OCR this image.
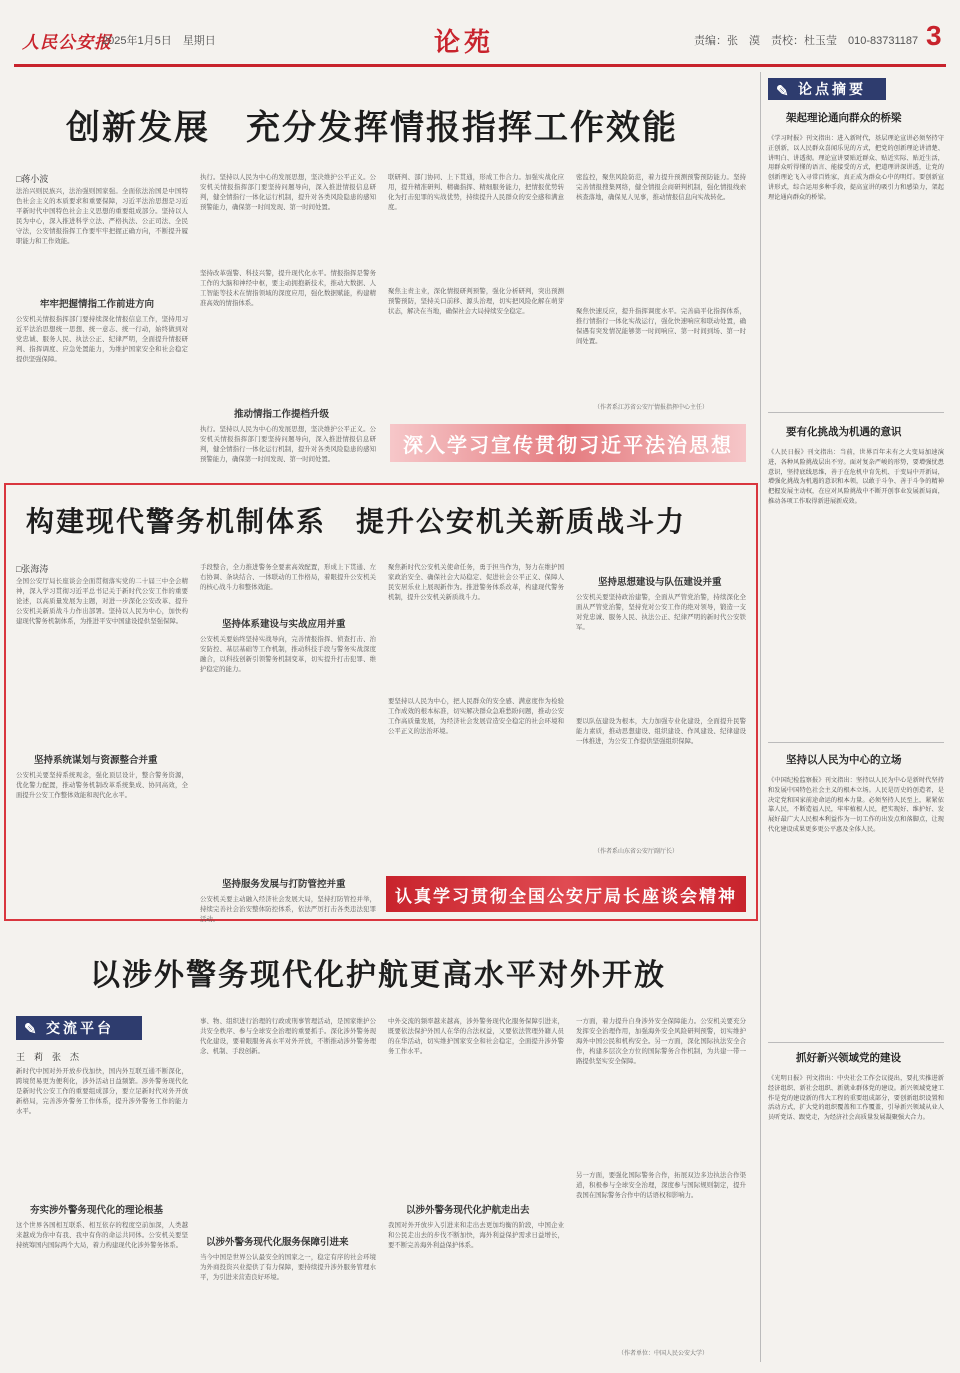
人民公安报
2025年1月5日　星期日	论苑	责编：张　漠　责校：杜玉莹　010-83731187 3
创新发展　充分发挥情报指挥工作效能
□蒋小波
法治兴则民族兴，法治强则国家强。全面依法治国是中国特色社会主义的本质要求和重要保障，习近平法治思想是习近平新时代中国特色社会主义思想的重要组成部分。坚持以人民为中心，深入推进科学立法、严格执法、公正司法、全民守法，公安情报指挥工作要牢牢把握正确方向，不断提升履职能力和工作效能。
牢牢把握情指工作前进方向
公安机关情报指挥部门要持续深化情报信息工作，坚持用习近平法治思想统一思想、统一意志、统一行动，始终做到对党忠诚、服务人民、执法公正、纪律严明，全面提升情报研判、指挥调度、应急处置能力，为维护国家安全和社会稳定提供坚强保障。
执行。坚持以人民为中心的发展思想，坚决维护公平正义。公安机关情报指挥部门要坚持问题导向，深入推进情报信息研判，健全情指行一体化运行机制，提升对各类风险隐患的感知预警能力，确保第一时间发现、第一时间处置。
坚持改革强警、科技兴警，提升现代化水平。情报指挥是警务工作的大脑和神经中枢，要主动拥抱新技术，推动大数据、人工智能等技术在情指领域的深度应用，强化数据赋能，构建精准高效的情指体系。
推动情指工作提档升级
执行。坚持以人民为中心的发展思想，坚决维护公平正义。公安机关情报指挥部门要坚持问题导向，深入推进情报信息研判，健全情指行一体化运行机制，提升对各类风险隐患的感知预警能力，确保第一时间发现、第一时间处置。
联研判、部门协同、上下贯通，形成工作合力。加强实战化应用，提升精准研判、精确指挥、精细服务能力，把情报优势转化为打击犯罪的实战优势，持续提升人民群众的安全感和满意度。
聚焦主责主业，深化情报研判预警，强化分析研判，突出预测预警预防，坚持关口前移、源头治理，切实把风险化解在萌芽状态，解决在当地，确保社会大局持续安全稳定。
密监控，聚焦风险防范，着力提升预测预警预防能力。坚持完善情报搜集网络，健全情报会商研判机制，强化情报线索核查落地，确保见人见事，推动情报信息向实战转化。
聚焦快速反应，提升指挥调度水平。完善扁平化指挥体系，推行情指行一体化实战运行，强化快速响应和联动处置，确保遇有突发情况能够第一时间响应、第一时间到场、第一时间处置。
（作者系江苏省公安厅情报指挥中心主任）
深入学习宣传贯彻习近平法治思想
构建现代警务机制体系　提升公安机关新质战斗力
□张海涛
全国公安厅局长座谈会全面贯彻落实党的二十届三中全会精神，深入学习贯彻习近平总书记关于新时代公安工作的重要论述，以高质量发展为主题，对进一步深化公安改革、提升公安机关新质战斗力作出部署。坚持以人民为中心，加快构建现代警务机制体系，为推进平安中国建设提供坚强保障。
坚持系统谋划与资源整合并重
公安机关要坚持系统观念，强化顶层设计，整合警务资源，优化警力配置，推动警务机制改革系统集成、协同高效，全面提升公安工作整体效能和现代化水平。
手段整合，全力推进警务全要素高效配置，形成上下贯通、左右协调、条块结合、一体联动的工作格局，着眼提升公安机关的核心战斗力和整体效能。
坚持体系建设与实战应用并重
公安机关要始终坚持实战导向，完善情报指挥、侦查打击、治安防控、基层基础等工作机制，推动科技手段与警务实战深度融合，以科技创新引领警务机制变革，切实提升打击犯罪、维护稳定的能力。
坚持服务发展与打防管控并重
公安机关要主动融入经济社会发展大局，坚持打防管控并举，持续完善社会治安整体防控体系，依法严厉打击各类违法犯罪活动。
聚焦新时代公安机关使命任务，勇于担当作为，努力在维护国家政治安全、确保社会大局稳定、促进社会公平正义、保障人民安居乐业上展现新作为。推进警务体系改革，构建现代警务机制，提升公安机关新质战斗力。
要坚持以人民为中心，把人民群众的安全感、满意度作为检验工作成效的根本标准，切实解决群众急难愁盼问题，推动公安工作高质量发展，为经济社会发展营造安全稳定的社会环境和公平正义的法治环境。
坚持思想建设与队伍建设并重
公安机关要坚持政治建警，全面从严管党治警，持续深化全面从严管党治警，坚持党对公安工作的绝对领导，锻造一支对党忠诚、服务人民、执法公正、纪律严明的新时代公安铁军。
要以队伍建设为根本，大力加强专业化建设，全面提升民警能力素质，推动思想建设、组织建设、作风建设、纪律建设一体推进，为公安工作提供坚强组织保障。
（作者系山东省公安厅副厅长）
认真学习贯彻全国公安厅局长座谈会精神
以涉外警务现代化护航更高水平对外开放
✎ 交流平台
王　莉　张　杰
新时代中国对外开放步伐加快，国内外互联互通不断深化，跨境贸易更为便利化，涉外活动日益频繁。涉外警务现代化是新时代公安工作的重要组成部分，要立足新时代对外开放新格局，完善涉外警务工作体系，提升涉外警务工作的能力水平。
夯实涉外警务现代化的理论根基
这个世界各国相互联系、相互依存的程度空前加深，人类越来越成为你中有我、我中有你的命运共同体。公安机关要坚持统筹国内国际两个大局，着力构建现代化涉外警务体系。
事、物、组织进行治理的行政或刑事管理活动，是国家维护公共安全秩序、参与全球安全治理的重要抓手。深化涉外警务现代化建设，要着眼服务高水平对外开放，不断推动涉外警务理念、机制、手段创新。
以涉外警务现代化服务保障引进来
当今中国是世界公认最安全的国家之一，稳定有序的社会环境为外商投资兴业提供了有力保障，要持续提升涉外服务管理水平，为引进来营造良好环境。
中外交流的频率越来越高，涉外警务现代化服务保障引进来，既要依法保护外国人在华的合法权益，又要依法管理外籍人员的在华活动，切实维护国家安全和社会稳定，全面提升涉外警务工作水平。
以涉外警务现代化护航走出去
我国对外开放步入引进来和走出去更加均衡的阶段，中国企业和公民走出去的步伐不断加快，海外利益保护需求日益增长，要不断完善海外利益保护体系。
一方面，着力提升自身涉外安全保障能力。公安机关要充分发挥安全治理作用，加强海外安全风险研判预警，切实维护海外中国公民和机构安全。另一方面，深化国际执法安全合作，构建多层次全方位的国际警务合作机制，为共建一带一路提供坚实安全保障。
另一方面，要强化国际警务合作，拓展双边多边执法合作渠道，积极参与全球安全治理，深度参与国际规则制定，提升我国在国际警务合作中的话语权和影响力。
（作者单位：中国人民公安大学）
✎ 论点摘要
架起理论通向群众的桥梁
《学习时报》刊文指出：进入新时代，基层理论宣讲必须坚持守正创新，以人民群众喜闻乐见的方式，把党的创新理论讲清楚、讲明白、讲透彻。理论宣讲要贴近群众、贴近实际、贴近生活，用群众听得懂的语言、能接受的方式，把道理讲深讲透，让党的创新理论飞入寻常百姓家，真正成为群众心中的明灯。要创新宣讲形式，综合运用多种手段，提高宣讲的吸引力和感染力，架起理论通向群众的桥梁。
要有化挑战为机遇的意识
《人民日报》刊文指出：当前，世界百年未有之大变局加速演进，各种风险挑战层出不穷。面对复杂严峻的形势，要增强忧患意识，坚持底线思维，善于在危机中育先机、于变局中开新局，增强化挑战为机遇的意识和本领，以敢于斗争、善于斗争的精神把握发展主动权，在应对风险挑战中不断开创事业发展新局面，推动各项工作取得新进展新成效。
坚持以人民为中心的立场
《中国纪检监察报》刊文指出：坚持以人民为中心是新时代坚持和发展中国特色社会主义的根本立场。人民是历史的创造者，是决定党和国家前途命运的根本力量。必须坚持人民至上，紧紧依靠人民，不断造福人民，牢牢植根人民，把实现好、维护好、发展好最广大人民根本利益作为一切工作的出发点和落脚点，让现代化建设成果更多更公平惠及全体人民。
抓好新兴领域党的建设
《光明日报》刊文指出：中央社会工作会议提出，要扎实推进新经济组织、新社会组织、新就业群体党的建设。新兴领域党建工作是党的建设新的伟大工程的重要组成部分，要创新组织设置和活动方式，扩大党的组织覆盖和工作覆盖，引导新兴领域从业人员听党话、跟党走，为经济社会高质量发展凝聚强大合力。
